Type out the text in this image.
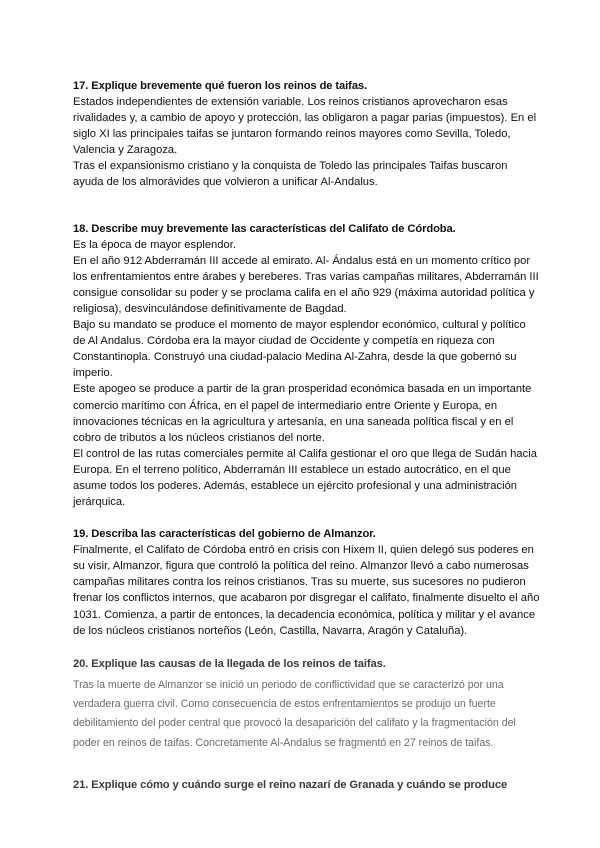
17. Explique brevemente qué fueron los reinos de taifas.

Estados independientes de extensión variable. Los reinos cristianos aprovecharon esas rivalidades y, a cambio de apoyo y protección, las obligaron a pagar parias (impuestos). En el siglo XI las principales taifas se juntaron formando reinos mayores como Sevilla, Toledo, Valencia y Zaragoza.

Tras el expansionismo cristiano y la conquista de Toledo las principales Taifas buscaron ayuda de los almorávides que volvieron a unificar Al-Andalus.

18. Describe muy brevemente las características del Califato de Córdoba.

Es la época de mayor esplendor.

En el año 912 Abderramán III accede al emirato. Al- Ándalus está en un momento crítico por los enfrentamientos entre árabes y bereberes. Tras varias campañas militares, Abderramán III consigue consolidar su poder y se proclama califa en el año 929 (máxima autoridad política y religiosa), desvinculándose definitivamente de Bagdad.

Bajo su mandato se produce el momento de mayor esplendor económico, cultural y político de Al Andalus. Córdoba era la mayor ciudad de Occidente y competía en riqueza con Constantinopla. Construyó una ciudad-palacio Medina Al-Zahra, desde la que gobernó su imperio.

Este apogeo se produce a partir de la gran prosperidad económica basada en un importante comercio marítimo con África, en el papel de intermediario entre Oriente y Europa, en innovaciones técnicas en la agricultura y artesanía, en una saneada política fiscal y en el cobro de tributos a los núcleos cristianos del norte.

El control de las rutas comerciales permite al Califa gestionar el oro que llega de Sudán hacia Europa. En el terreno político, Abderramán III establece un estado autocrático, en el que asume todos los poderes. Además, establece un ejército profesional y una administración jerárquica.

19. Describa las características del gobierno de Almanzor.

Finalmente, el Califato de Córdoba entró en crisis con Hixem II, quien delegó sus poderes en su visir, Almanzor, figura que controló la política del reino. Almanzor llevó a cabo numerosas campañas militares contra los reinos cristianos. Tras su muerte, sus sucesores no pudieron frenar los conflictos internos, que acabaron por disgregar el califato, finalmente disuelto el año 1031. Comienza, a partir de entonces, la decadencia económica, política y militar y el avance de los núcleos cristianos norteños (León, Castilla, Navarra, Aragón y Cataluña).

20. Explique las causas de la llegada de los reinos de taifas.

Tras la muerte de Almanzor se inició un periodo de conflictividad que se caracterizó por una verdadera guerra civil. Como consecuencia de estos enfrentamientos se produjo un fuerte debilitamiento del poder central que provocó la desaparición del califato y la fragmentación del poder en reinos de taifas. Concretamente Al-Andalus se fragmentó en 27 reinos de taifas.

21. Explique cómo y cuándo surge el reino nazarí de Granada y cuándo se produce
